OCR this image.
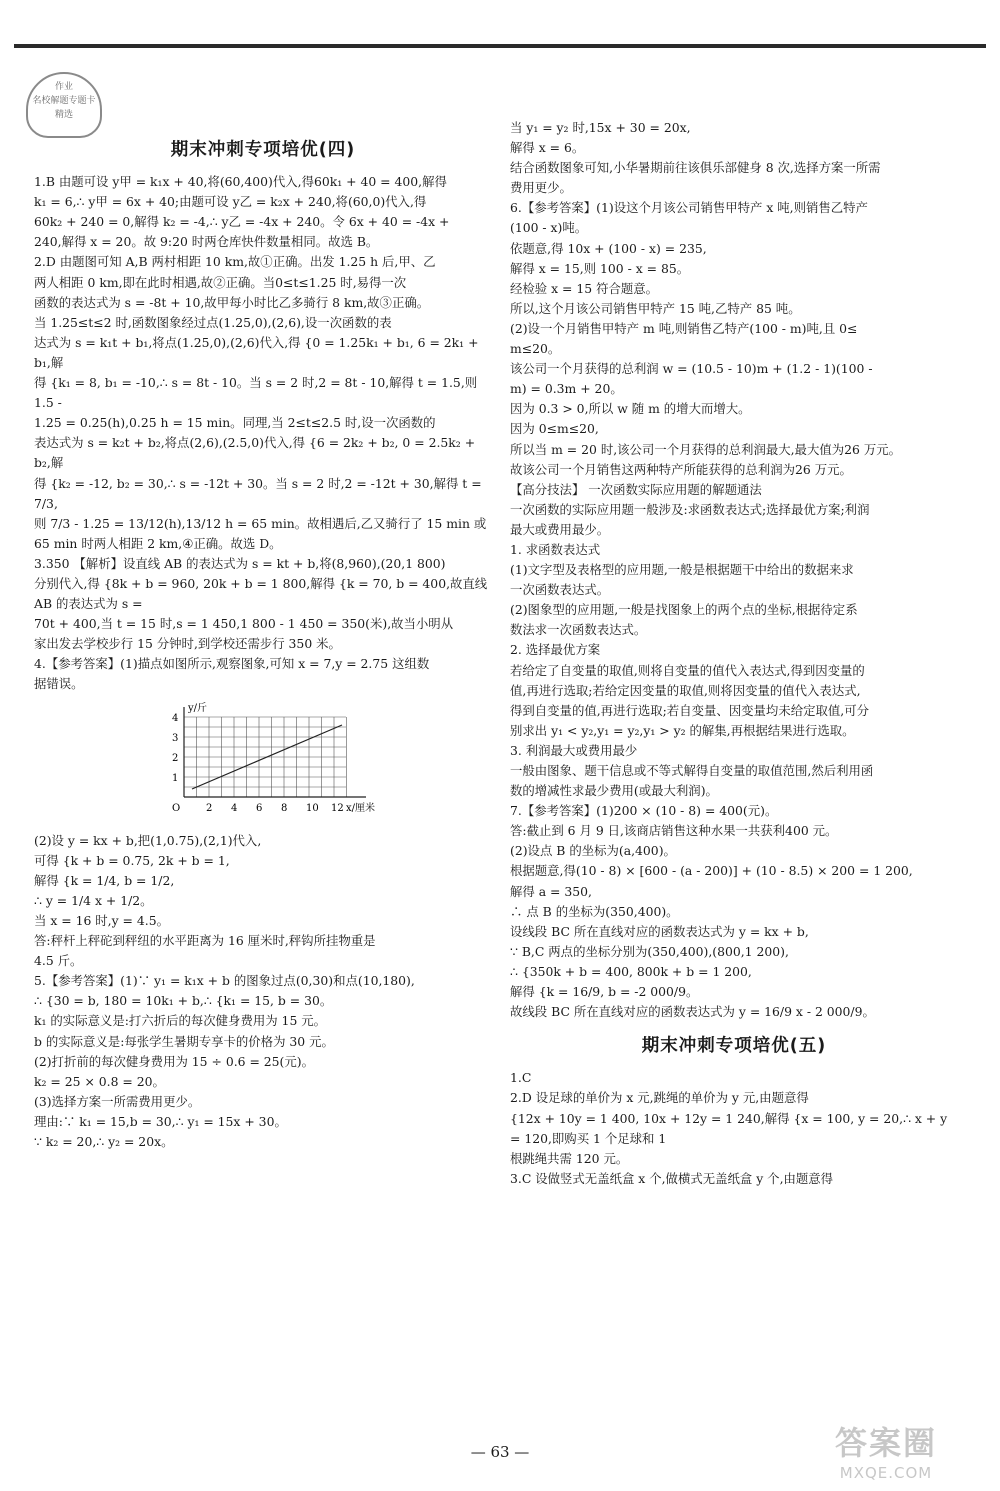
作业
名校解题专题卡
精选
期末冲刺专项培优(四)

1.B 由题可设 y甲 = k₁x + 40,将(60,400)代入,得60k₁ + 40 = 400,解得

k₁ = 6,∴ y甲 = 6x + 40;由题可设 y乙 = k₂x + 240,将(60,0)代入,得

60k₂ + 240 = 0,解得 k₂ = -4,∴ y乙 = -4x + 240。令 6x + 40 = -4x +

240,解得 x = 20。故 9:20 时两仓库快件数量相同。故选 B。

2.D 由题图可知 A,B 两村相距 10 km,故①正确。出发 1.25 h 后,甲、乙

两人相距 0 km,即在此时相遇,故②正确。当0≤t≤1.25 时,易得一次

函数的表达式为 s = -8t + 10,故甲每小时比乙多骑行 8 km,故③正确。

当 1.25≤t≤2 时,函数图象经过点(1.25,0),(2,6),设一次函数的表

达式为 s = k₁t + b₁,将点(1.25,0),(2,6)代入,得 {0 = 1.25k₁ + b₁, 6 = 2k₁ + b₁,解

得 {k₁ = 8, b₁ = -10,∴ s = 8t - 10。当 s = 2 时,2 = 8t - 10,解得 t = 1.5,则1.5 -

1.25 = 0.25(h),0.25 h = 15 min。同理,当 2≤t≤2.5 时,设一次函数的

表达式为 s = k₂t + b₂,将点(2,6),(2.5,0)代入,得 {6 = 2k₂ + b₂, 0 = 2.5k₂ + b₂,解

得 {k₂ = -12, b₂ = 30,∴ s = -12t + 30。当 s = 2 时,2 = -12t + 30,解得 t = 7/3,

则 7/3 - 1.25 = 13/12(h),13/12 h = 65 min。故相遇后,乙又骑行了 15 min 或

65 min 时两人相距 2 km,④正确。故选 D。

3.350 【解析】设直线 AB 的表达式为 s = kt + b,将(8,960),(20,1 800)

分别代入,得 {8k + b = 960, 20k + b = 1 800,解得 {k = 70, b = 400,故直线 AB 的表达式为 s =

70t + 400,当 t = 15 时,s = 1 450,1 800 - 1 450 = 350(米),故当小明从

家出发去学校步行 15 分钟时,到学校还需步行 350 米。

4.【参考答案】(1)描点如图所示,观察图象,可知 x = 7,y = 2.75 这组数

据错误。

y/斤
x/厘米
O	2 4 6 8 10 12
1
2
3
4

(2)设 y = kx + b,把(1,0.75),(2,1)代入,

可得 {k + b = 0.75, 2k + b = 1,

解得 {k = 1/4, b = 1/2,

∴ y = 1/4 x + 1/2。

当 x = 16 时,y = 4.5。

答:秤杆上秤砣到秤纽的水平距离为 16 厘米时,秤钩所挂物重是

4.5 斤。

5.【参考答案】(1)∵ y₁ = k₁x + b 的图象过点(0,30)和点(10,180),

∴ {30 = b, 180 = 10k₁ + b,∴ {k₁ = 15, b = 30。

k₁ 的实际意义是:打六折后的每次健身费用为 15 元。

b 的实际意义是:每张学生暑期专享卡的价格为 30 元。

(2)打折前的每次健身费用为 15 ÷ 0.6 = 25(元)。

k₂ = 25 × 0.8 = 20。

(3)选择方案一所需费用更少。

理由:∵ k₁ = 15,b = 30,∴ y₁ = 15x + 30。

∵ k₂ = 20,∴ y₂ = 20x。

当 y₁ = y₂ 时,15x + 30 = 20x,

解得 x = 6。

结合函数图象可知,小华暑期前往该俱乐部健身 8 次,选择方案一所需

费用更少。

6.【参考答案】(1)设这个月该公司销售甲特产 x 吨,则销售乙特产

(100 - x)吨。

依题意,得 10x + (100 - x) = 235,

解得 x = 15,则 100 - x = 85。

经检验 x = 15 符合题意。

所以,这个月该公司销售甲特产 15 吨,乙特产 85 吨。

(2)设一个月销售甲特产 m 吨,则销售乙特产(100 - m)吨,且 0≤

m≤20。

该公司一个月获得的总利润 w = (10.5 - 10)m + (1.2 - 1)(100 -

m) = 0.3m + 20。

因为 0.3 > 0,所以 w 随 m 的增大而增大。

因为 0≤m≤20,

所以当 m = 20 时,该公司一个月获得的总利润最大,最大值为26 万元。

故该公司一个月销售这两种特产所能获得的总利润为26 万元。

【高分技法】 一次函数实际应用题的解题通法

一次函数的实际应用题一般涉及:求函数表达式;选择最优方案;利润

最大或费用最少。

1. 求函数表达式

(1)文字型及表格型的应用题,一般是根据题干中给出的数据来求

一次函数表达式。

(2)图象型的应用题,一般是找图象上的两个点的坐标,根据待定系

数法求一次函数表达式。

2. 选择最优方案

若给定了自变量的取值,则将自变量的值代入表达式,得到因变量的

值,再进行选取;若给定因变量的取值,则将因变量的值代入表达式,

得到自变量的值,再进行选取;若自变量、因变量均未给定取值,可分

别求出 y₁ < y₂,y₁ = y₂,y₁ > y₂ 的解集,再根据结果进行选取。

3. 利润最大或费用最少

一般由图象、题干信息或不等式解得自变量的取值范围,然后利用函

数的增减性求最少费用(或最大利润)。

7.【参考答案】(1)200 × (10 - 8) = 400(元)。

答:截止到 6 月 9 日,该商店销售这种水果一共获利400 元。

(2)设点 B 的坐标为(a,400)。

根据题意,得(10 - 8) × [600 - (a - 200)] + (10 - 8.5) × 200 = 1 200,

解得 a = 350,

∴ 点 B 的坐标为(350,400)。

设线段 BC 所在直线对应的函数表达式为 y = kx + b,

∵ B,C 两点的坐标分别为(350,400),(800,1 200),

∴ {350k + b = 400, 800k + b = 1 200,

解得 {k = 16/9, b = -2 000/9。

故线段 BC 所在直线对应的函数表达式为 y = 16/9 x - 2 000/9。

期末冲刺专项培优(五)

1.C

2.D 设足球的单价为 x 元,跳绳的单价为 y 元,由题意得

{12x + 10y = 1 400, 10x + 12y = 1 240,解得 {x = 100, y = 20,∴ x + y = 120,即购买 1 个足球和 1

根跳绳共需 120 元。

3.C 设做竖式无盖纸盒 x 个,做横式无盖纸盒 y 个,由题意得

— 63 —	答案圈
MXQE.COM
